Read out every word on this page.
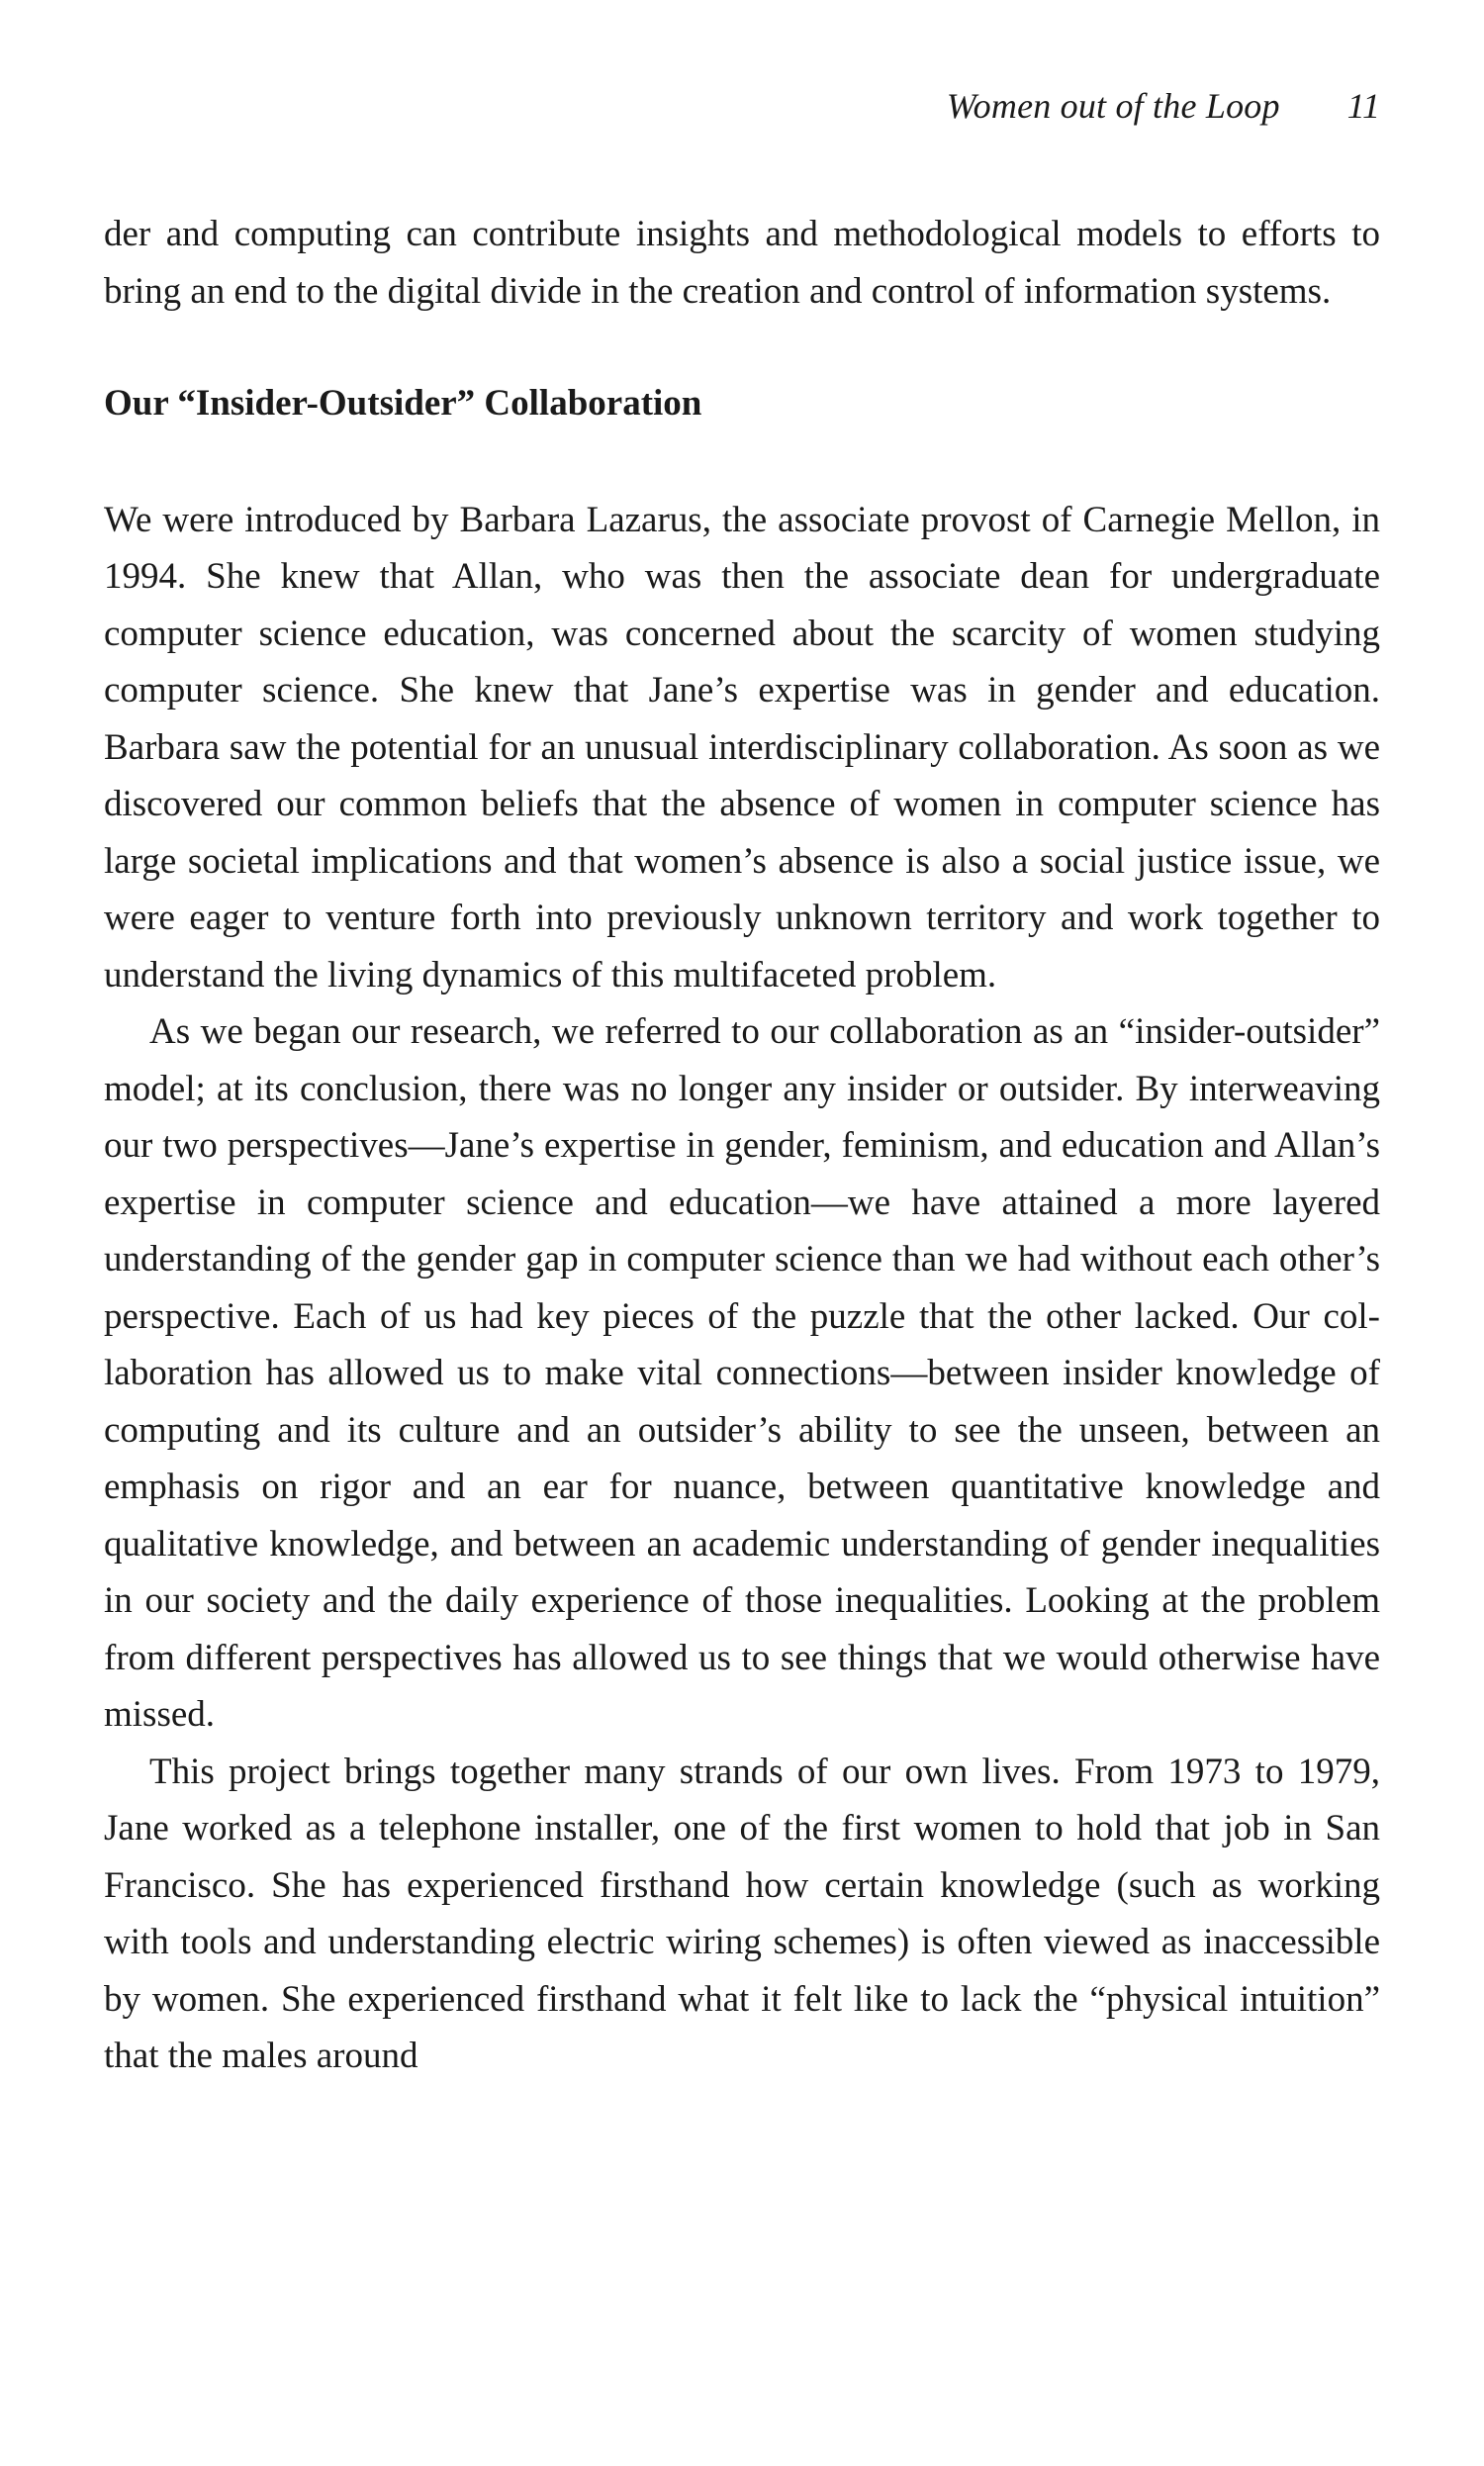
Women out of the Loop 11

der and computing can contribute insights and methodological models to efforts to bring an end to the digital divide in the creation and control of information systems.

Our “Insider-Outsider” Collaboration

We were introduced by Barbara Lazarus, the associate provost of Carnegie Mellon, in 1994. She knew that Allan, who was then the associate dean for undergraduate computer science education, was concerned about the scarcity of women studying computer science. She knew that Jane’s expertise was in gender and education. Barbara saw the potential for an unusual interdisciplinary collaboration. As soon as we discovered our common beliefs that the absence of women in computer science has large societal implications and that women’s absence is also a social justice issue, we were eager to venture forth into previously unknown territory and work together to understand the living dynamics of this multifaceted problem.

As we began our research, we referred to our collaboration as an “insider-outsider” model; at its conclusion, there was no longer any insider or outsider. By interweaving our two perspectives—Jane’s expertise in gender, feminism, and education and Allan’s expertise in computer science and education—we have attained a more layered understanding of the gender gap in computer science than we had without each other’s perspective. Each of us had key pieces of the puzzle that the other lacked. Our collaboration has allowed us to make vital connections—between insider knowledge of computing and its culture and an outsider’s ability to see the unseen, between an emphasis on rigor and an ear for nuance, between quantitative knowledge and qualitative knowledge, and between an academic understanding of gender inequalities in our society and the daily experience of those inequalities. Looking at the problem from different perspectives has allowed us to see things that we would otherwise have missed.

This project brings together many strands of our own lives. From 1973 to 1979, Jane worked as a telephone installer, one of the first women to hold that job in San Francisco. She has experienced firsthand how certain knowledge (such as working with tools and understanding electric wiring schemes) is often viewed as inaccessible by women. She experienced firsthand what it felt like to lack the “physical intuition” that the males around
